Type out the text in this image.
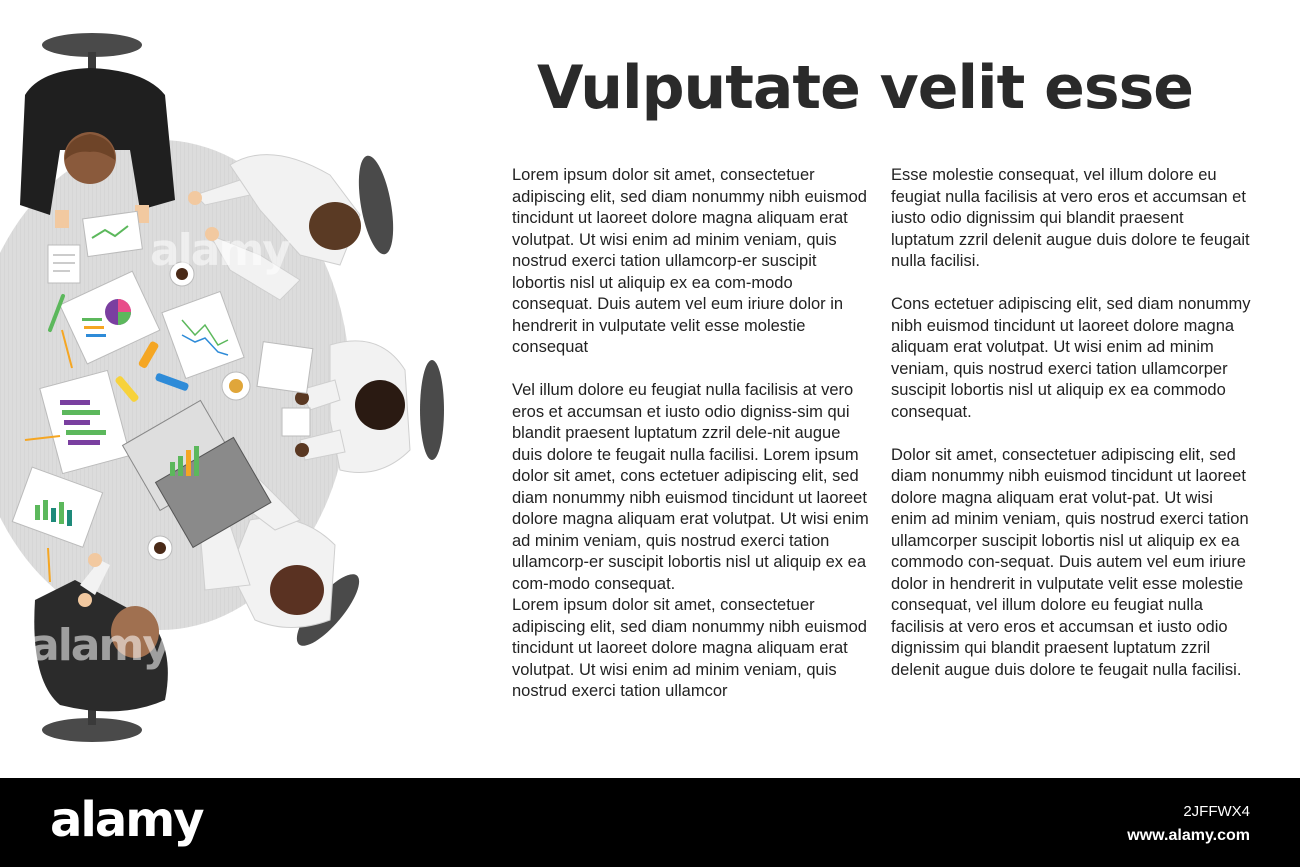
alamy
alamy
Vulputate velit esse

Lorem ipsum dolor sit amet, consectetuer adipiscing elit, sed diam nonummy nibh euismod tincidunt ut laoreet dolore magna aliquam erat volutpat. Ut wisi enim ad minim veniam, quis nostrud exerci tation ullamcorp-er suscipit lobortis nisl ut aliquip ex ea com-modo consequat. Duis autem vel eum iriure dolor in hendrerit in vulputate velit esse molestie consequat

Vel illum dolore eu feugiat nulla facilisis at vero eros et accumsan et iusto odio digniss-sim qui blandit praesent luptatum zzril dele-nit augue duis dolore te feugait nulla facilisi. Lorem ipsum dolor sit amet, cons ectetuer adipiscing elit, sed diam nonummy nibh euismod tincidunt ut laoreet dolore magna aliquam erat volutpat. Ut wisi enim ad minim veniam, quis nostrud exerci tation ullamcorp-er suscipit lobortis nisl ut aliquip ex ea com-modo consequat.

Lorem ipsum dolor sit amet, consectetuer adipiscing elit, sed diam nonummy nibh euismod tincidunt ut laoreet dolore magna aliquam erat volutpat. Ut wisi enim ad minim veniam, quis nostrud exerci tation ullamcor

Esse molestie consequat, vel illum dolore eu feugiat nulla facilisis at vero eros et accumsan et iusto odio dignissim qui blandit praesent luptatum zzril delenit augue duis dolore te feugait nulla facilisi.

Cons ectetuer adipiscing elit, sed diam nonummy nibh euismod tincidunt ut laoreet dolore magna aliquam erat volutpat. Ut wisi enim ad minim veniam, quis nostrud exerci tation ullamcorper suscipit lobortis nisl ut aliquip ex ea commodo consequat.

Dolor sit amet, consectetuer adipiscing elit, sed diam nonummy nibh euismod tincidunt ut laoreet dolore magna aliquam erat volut-pat. Ut wisi enim ad minim veniam, quis nostrud exerci tation ullamcorper suscipit lobortis nisl ut aliquip ex ea commodo con-sequat. Duis autem vel eum iriure dolor in hendrerit in vulputate velit esse molestie consequat, vel illum dolore eu feugiat nulla facilisis at vero eros et accumsan et iusto odio dignissim qui blandit praesent luptatum zzril delenit augue duis dolore te feugait nulla facilisi.

alamy	2JFFWX4
www.alamy.com
